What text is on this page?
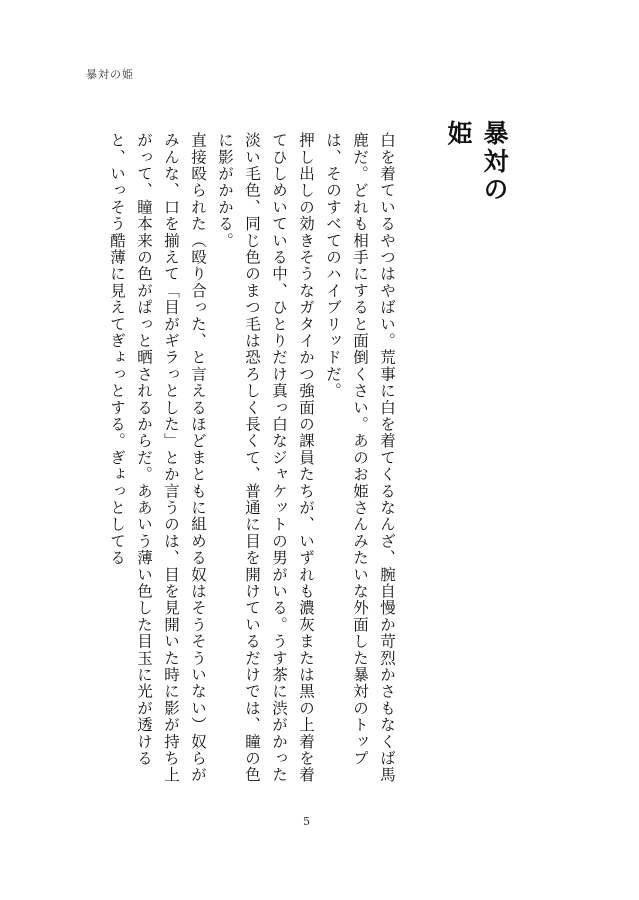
暴対の姫
暴対の姫

白を着ているやつはやばい。荒事に白を着てくるなんざ、腕自慢か苛烈かさもなくば馬鹿だ。どれも相手にすると面倒くさい。あのお姫さんみたいな外面した暴対のトップは、そのすべてのハイブリッドだ。

押し出しの効きそうなガタイかつ強面の課員たちが、いずれも濃灰または黒の上着を着てひしめいている中、ひとりだけ真っ白なジャケットの男がいる。うす茶に渋がかった淡い毛色、同じ色のまつ毛は恐ろしく長くて、普通に目を開けているだけでは、瞳の色に影がかかる。

直接殴られた（殴り合った、と言えるほどまともに組める奴はそうそういない）奴らがみんな、口を揃えて「目がギラっとした」とか言うのは、目を見開いた時に影が持ち上がって、瞳本来の色がぱっと晒されるからだ。ああいう薄い色した目玉に光が透けると、いっそう酷薄に見えてぎょっとする。ぎょっとしてる

5
